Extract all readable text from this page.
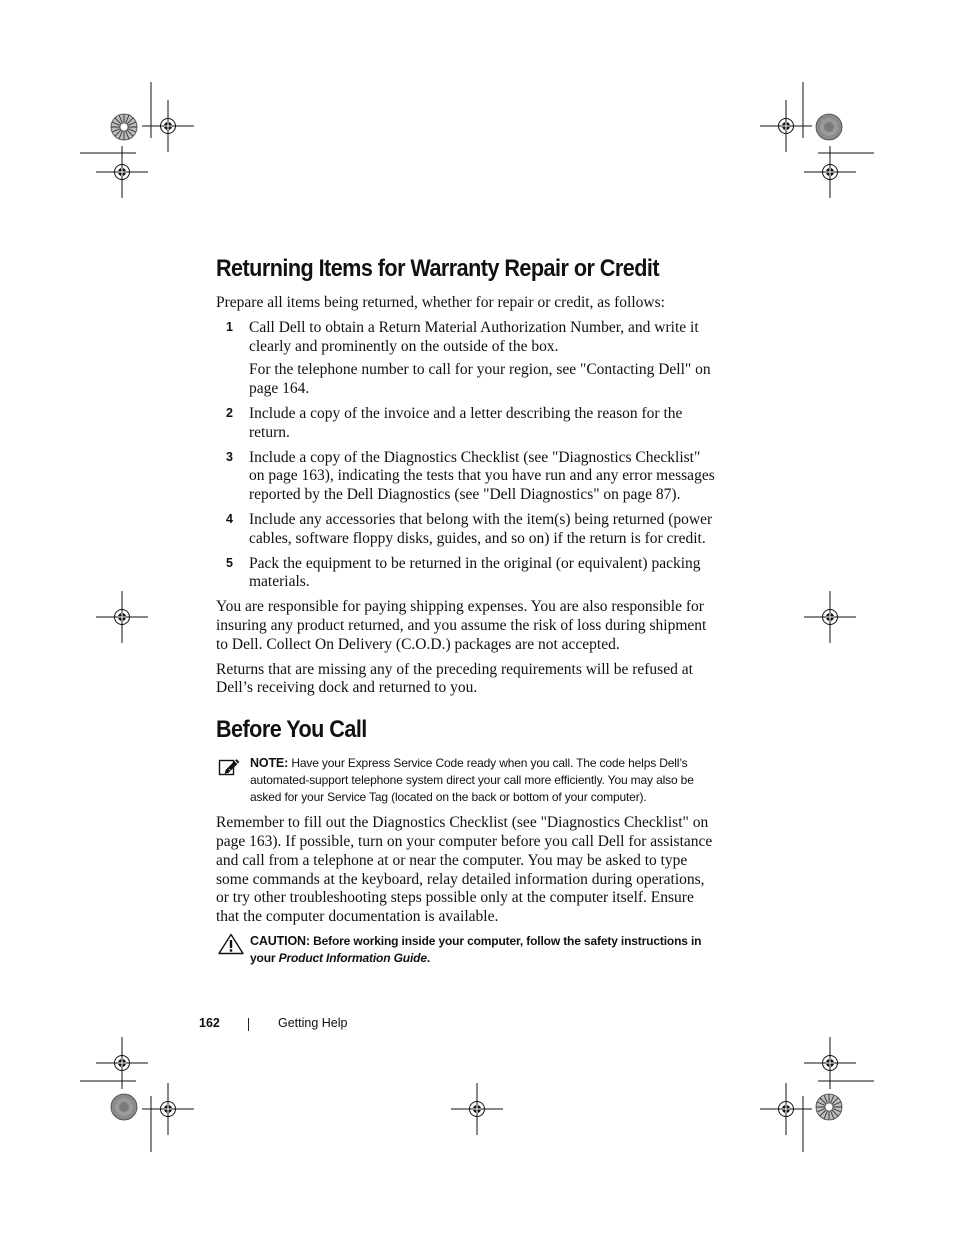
Returning Items for Warranty Repair or Credit

Prepare all items being returned, whether for repair or credit, as follows:

1 Call Dell to obtain a Return Material Authorization Number, and write it clearly and prominently on the outside of the box.

For the telephone number to call for your region, see "Contacting Dell" on page 164.

2 Include a copy of the invoice and a letter describing the reason for the return.

3 Include a copy of the Diagnostics Checklist (see "Diagnostics Checklist" on page 163), indicating the tests that you have run and any error messages reported by the Dell Diagnostics (see "Dell Diagnostics" on page 87).

4 Include any accessories that belong with the item(s) being returned (power cables, software floppy disks, guides, and so on) if the return is for credit.

5 Pack the equipment to be returned in the original (or equivalent) packing materials.

You are responsible for paying shipping expenses. You are also responsible for insuring any product returned, and you assume the risk of loss during shipment to Dell. Collect On Delivery (C.O.D.) packages are not accepted.

Returns that are missing any of the preceding requirements will be refused at Dell’s receiving dock and returned to you.

Before You Call
NOTE: Have your Express Service Code ready when you call. The code helps Dell’s automated-support telephone system direct your call more efficiently. You may also be asked for your Service Tag (located on the back or bottom of your computer).

Remember to fill out the Diagnostics Checklist (see "Diagnostics Checklist" on page 163). If possible, turn on your computer before you call Dell for assistance and call from a telephone at or near the computer. You may be asked to type some commands at the keyboard, relay detailed information during operations, or try other troubleshooting steps possible only at the computer itself. Ensure that the computer documentation is available.

CAUTION: Before working inside your computer, follow the safety instructions in your Product Information Guide.
162	Getting Help
